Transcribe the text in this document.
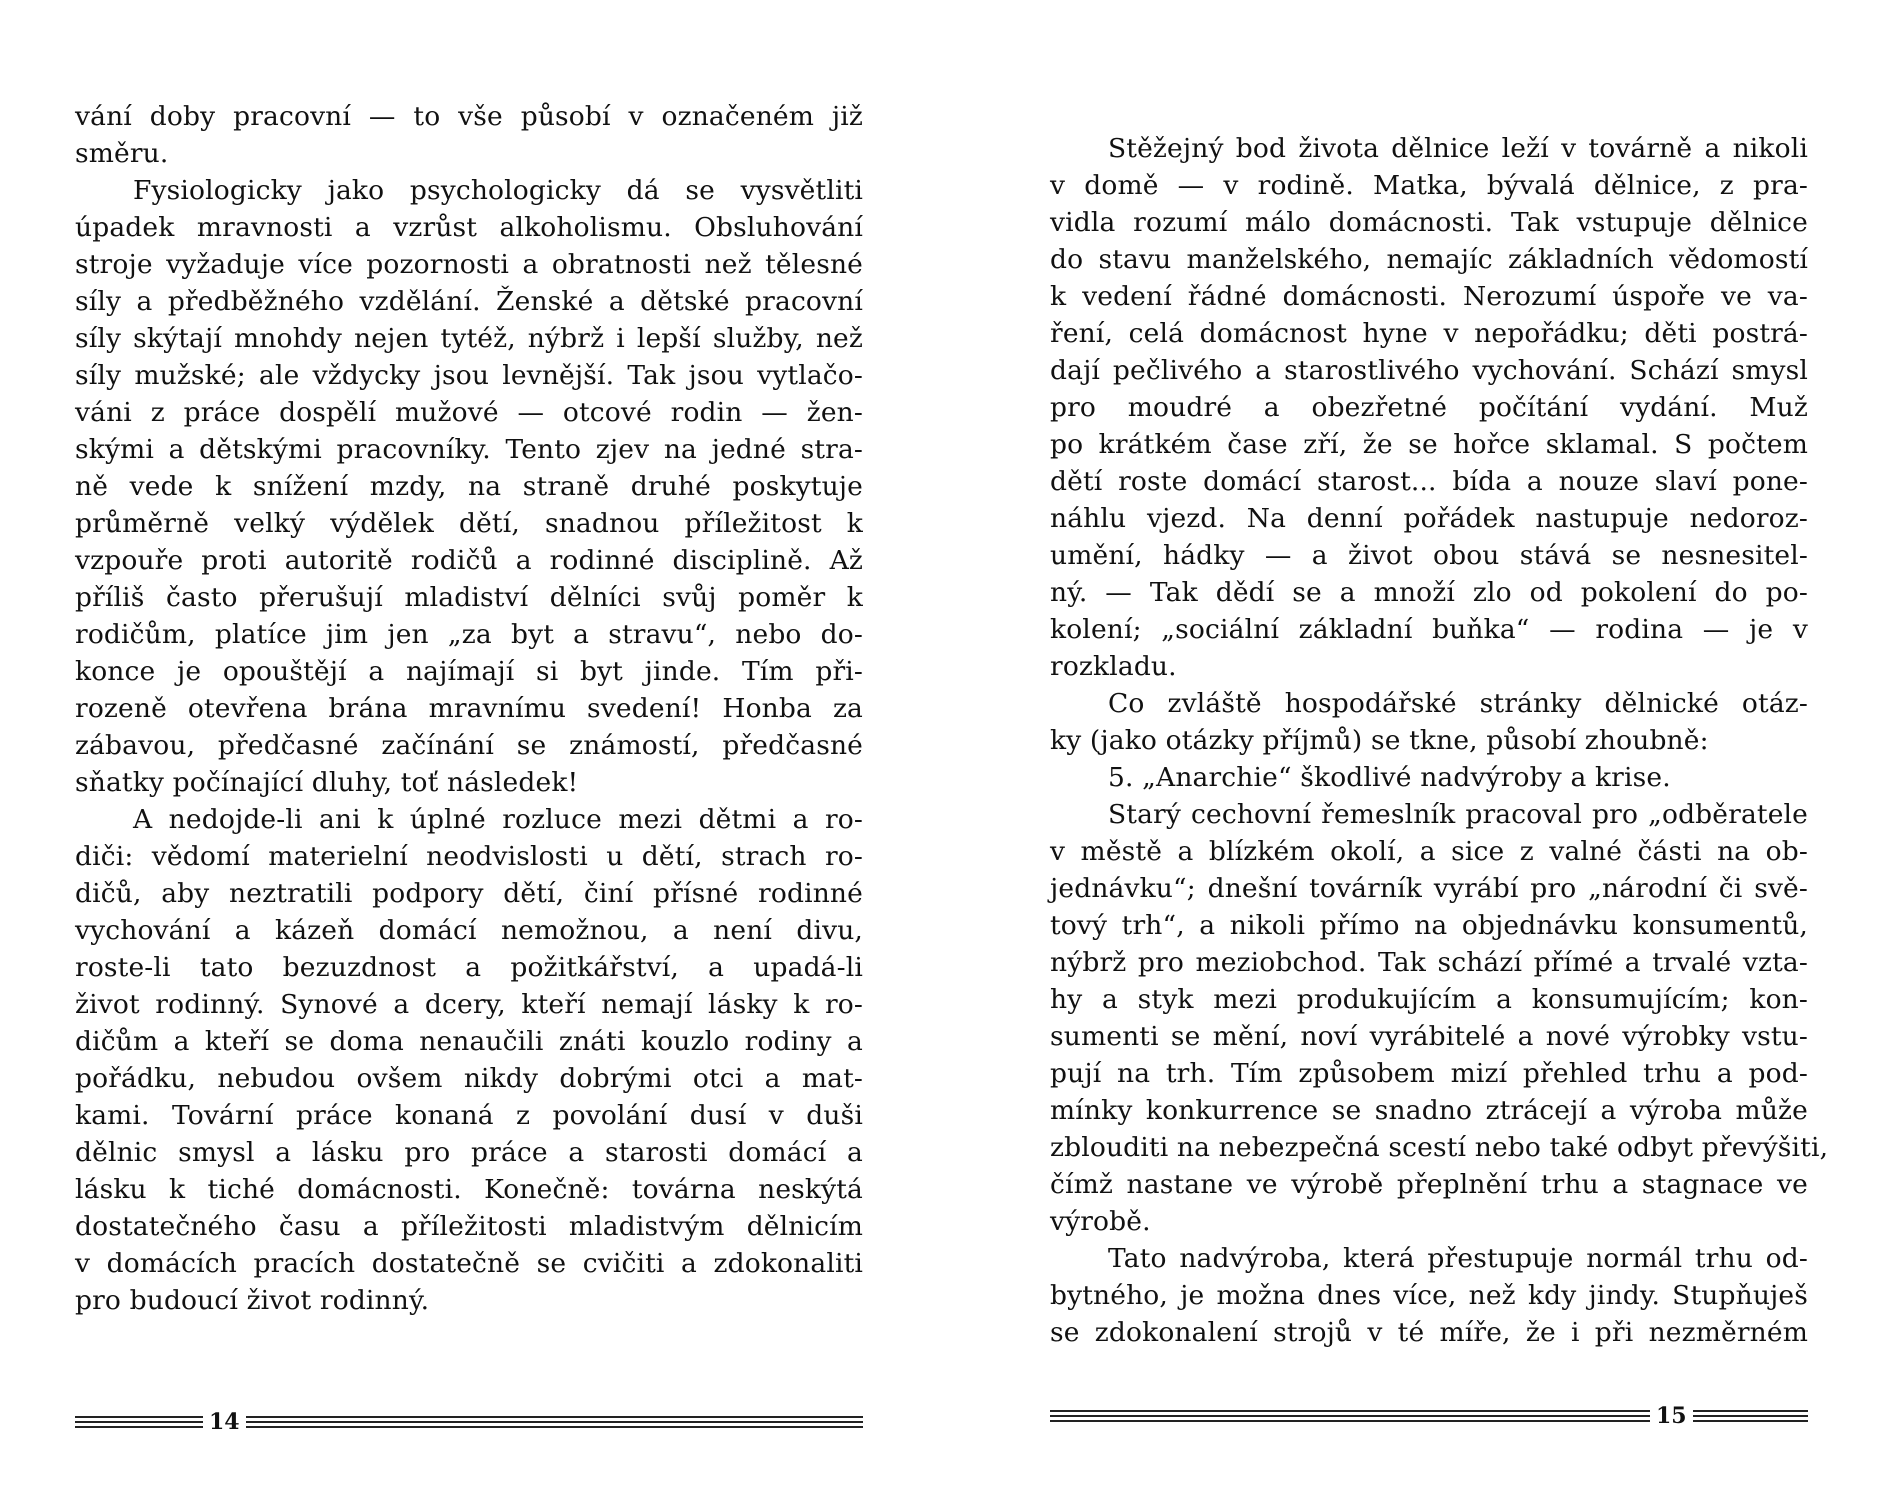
vání doby pracovní — to vše působí v označeném již
směru.
Fysiologicky jako psychologicky dá se vysvětliti
úpadek mravnosti a vzrůst alkoholismu. Obsluhování
stroje vyžaduje více pozornosti a obratnosti než tělesné
síly a předběžného vzdělání. Ženské a dětské pracovní
síly skýtají mnohdy nejen tytéž, nýbrž i lepší služby, než
síly mužské; ale vždycky jsou levnější. Tak jsou vytlačo-
váni z práce dospělí mužové — otcové rodin — žen-
skými a dětskými pracovníky. Tento zjev na jedné stra-
ně vede k snížení mzdy, na straně druhé poskytuje
průměrně velký výdělek dětí, snadnou příležitost k
vzpouře proti autoritě rodičů a rodinné disciplině. Až
příliš často přerušují mladiství dělníci svůj poměr k
rodičům, platíce jim jen „za byt a stravu“, nebo do-
konce je opouštějí a najímají si byt jinde. Tím při-
rozeně otevřena brána mravnímu svedení! Honba za
zábavou, předčasné začínání se známostí, předčasné
sňatky počínající dluhy, toť následek!
A nedojde-li ani k úplné rozluce mezi dětmi a ro-
diči: vědomí materielní neodvislosti u dětí, strach ro-
dičů, aby neztratili podpory dětí, činí přísné rodinné
vychování a kázeň domácí nemožnou, a není divu,
roste-li tato bezuzdnost a požitkářství, a upadá-li
život rodinný. Synové a dcery, kteří nemají lásky k ro-
dičům a kteří se doma nenaučili znáti kouzlo rodiny a
pořádku, nebudou ovšem nikdy dobrými otci a mat-
kami. Tovární práce konaná z povolání dusí v duši
dělnic smysl a lásku pro práce a starosti domácí a
lásku k tiché domácnosti. Konečně: továrna neskýtá
dostatečného času a příležitosti mladistvým dělnicím
v domácích pracích dostatečně se cvičiti a zdokonaliti
pro budoucí život rodinný.
14
Stěžejný bod života dělnice leží v továrně a nikoli
v domě — v rodině. Matka, bývalá dělnice, z pra-
vidla rozumí málo domácnosti. Tak vstupuje dělnice
do stavu manželského, nemajíc základních vědomostí
k vedení řádné domácnosti. Nerozumí úspoře ve va-
ření, celá domácnost hyne v nepořádku; děti postrá-
dají pečlivého a starostlivého vychování. Schází smysl
pro moudré a obezřetné počítání vydání. Muž
po krátkém čase zří, že se hořce sklamal. S počtem
dětí roste domácí starost... bída a nouze slaví pone-
náhlu vjezd. Na denní pořádek nastupuje nedoroz-
umění, hádky — a život obou stává se nesnesitel-
ný. — Tak dědí se a množí zlo od pokolení do po-
kolení; „sociální základní buňka“ — rodina — je v
rozkladu.
Co zvláště hospodářské stránky dělnické otáz-
ky (jako otázky příjmů) se tkne, působí zhoubně:
5. „Anarchie“ škodlivé nadvýroby a krise.
Starý cechovní řemeslník pracoval pro „odběratele
v městě a blízkém okolí, a sice z valné části na ob-
jednávku“; dnešní továrník vyrábí pro „národní či svě-
tový trh“, a nikoli přímo na objednávku konsumentů,
nýbrž pro meziobchod. Tak schází přímé a trvalé vzta-
hy a styk mezi produkujícím a konsumujícím; kon-
sumenti se mění, noví vyrábitelé a nové výrobky vstu-
pují na trh. Tím způsobem mizí přehled trhu a pod-
mínky konkurrence se snadno ztrácejí a výroba může
zblouditi na nebezpečná scestí nebo také odbyt převýšiti,
čímž nastane ve výrobě přeplnění trhu a stagnace ve
výrobě.
Tato nadvýroba, která přestupuje normál trhu od-
bytného, je možna dnes více, než kdy jindy. Stupňuješ
se zdokonalení strojů v té míře, že i při nezměrném
15
